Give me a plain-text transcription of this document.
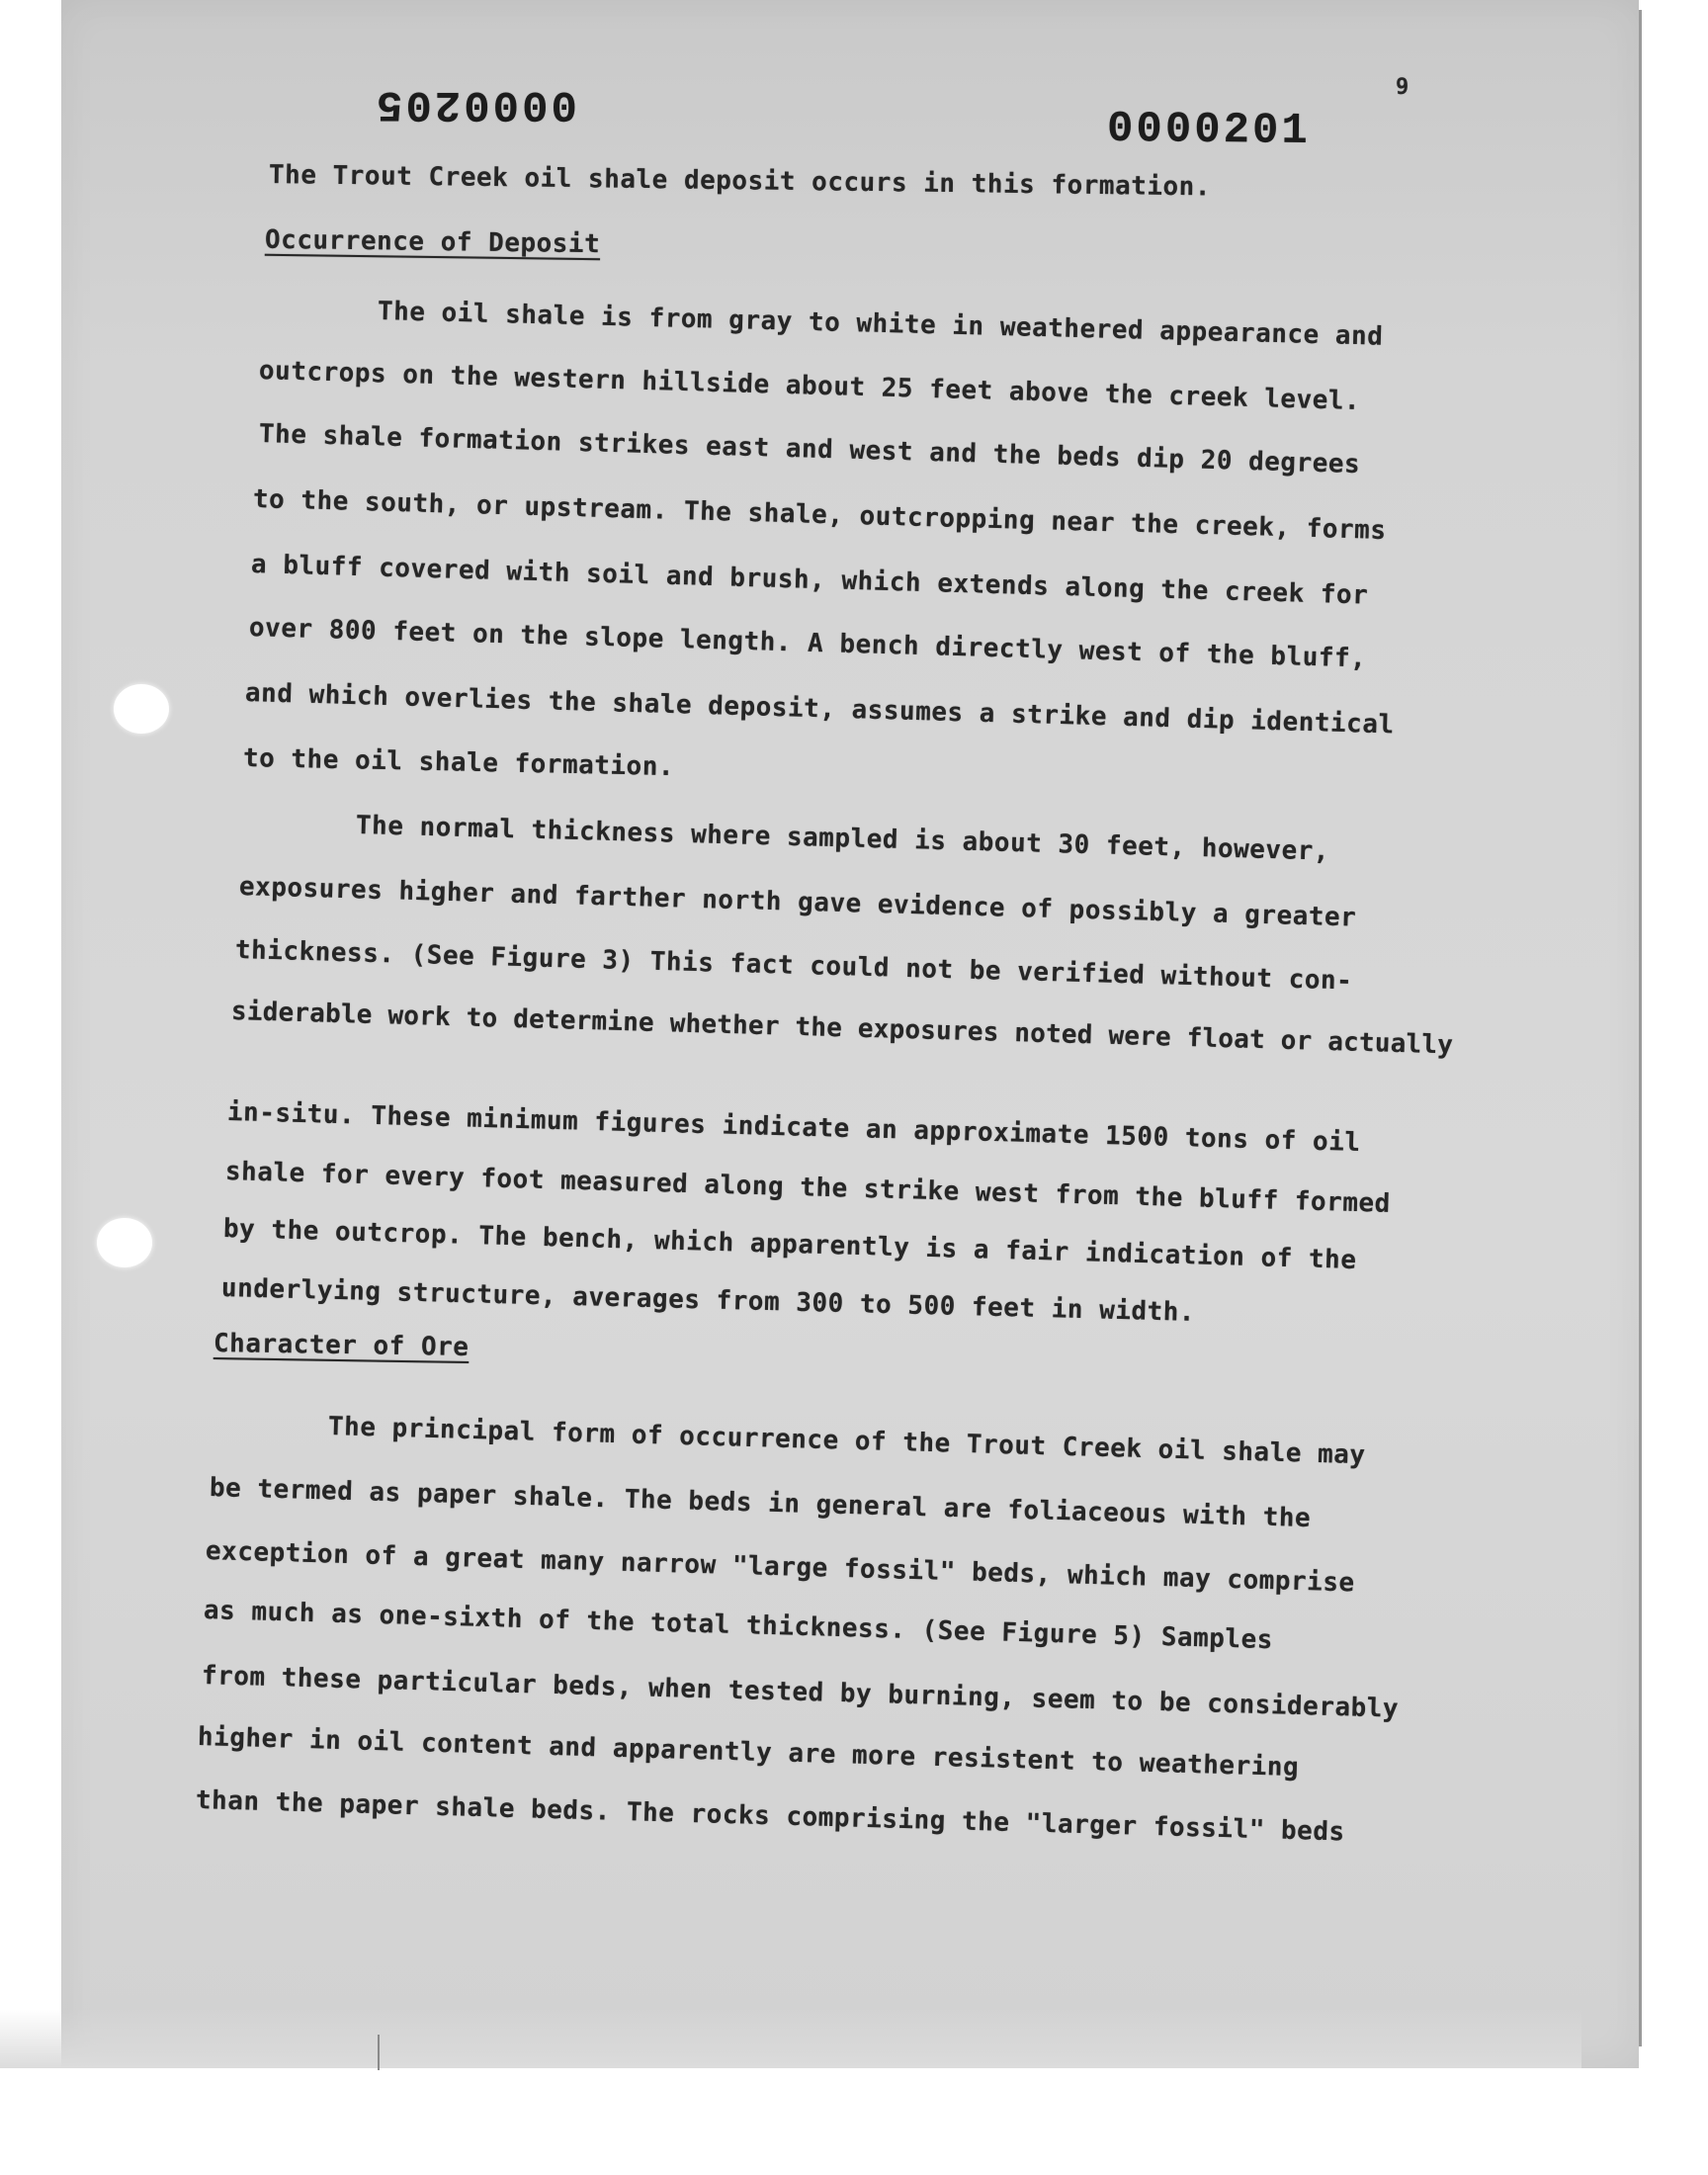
0000205
0000201
9
The Trout Creek oil shale deposit occurs in this formation.
Occurrence of Deposit
The oil shale is from gray to white in weathered appearance and
outcrops on the western hillside about 25 feet above the creek level.
The shale formation strikes east and west and the beds dip 20 degrees
to the south, or upstream. The shale, outcropping near the creek, forms
a bluff covered with soil and brush, which extends along the creek for
over 800 feet on the slope length. A bench directly west of the bluff,
and which overlies the shale deposit, assumes a strike and dip identical
to the oil shale formation.
The normal thickness where sampled is about 30 feet, however,
exposures higher and farther north gave evidence of possibly a greater
thickness. (See Figure 3) This fact could not be verified without con-
siderable work to determine whether the exposures noted were float or actually
in-situ. These minimum figures indicate an approximate 1500 tons of oil
shale for every foot measured along the strike west from the bluff formed
by the outcrop. The bench, which apparently is a fair indication of the
underlying structure, averages from 300 to 500 feet in width.
Character of Ore
The principal form of occurrence of the Trout Creek oil shale may
be termed as paper shale. The beds in general are foliaceous with the
exception of a great many narrow "large fossil" beds, which may comprise
as much as one-sixth of the total thickness. (See Figure 5) Samples
from these particular beds, when tested by burning, seem to be considerably
higher in oil content and apparently are more resistent to weathering
than the paper shale beds. The rocks comprising the "larger fossil" beds
